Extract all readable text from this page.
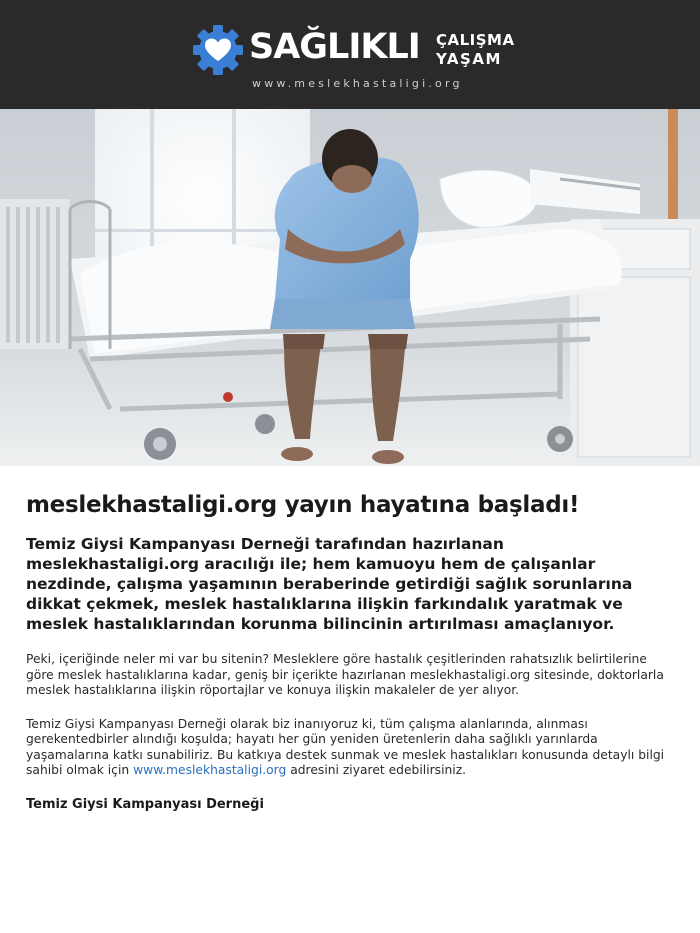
SAĞLIKLI ÇALIŞMA
YAŞAM
www.meslekhastaligi.org
meslekhastaligi.org yayın hayatına başladı!

Temiz Giysi Kampanyası Derneği tarafından hazırlanan meslekhastaligi.org aracılığı ile; hem kamuoyu hem de çalışanlar nezdinde, çalışma yaşamının beraberinde getirdiği sağlık sorunlarına dikkat çekmek, meslek hastalıklarına ilişkin farkındalık yaratmak ve meslek hastalıklarından korunma bilincinin artırılması amaçlanıyor.

Peki, içeriğinde neler mi var bu sitenin? Mesleklere göre hastalık çeşitlerinden rahatsızlık belirtilerine göre meslek hastalıklarına kadar, geniş bir içerikte hazırlanan meslekhastaligi.org sitesinde, doktorlarla meslek hastalıklarına ilişkin röportajlar ve konuya ilişkin makaleler de yer alıyor.

Temiz Giysi Kampanyası Derneği olarak biz inanıyoruz ki, tüm çalışma alanlarında, alınması gerekentedbirler alındığı koşulda; hayatı her gün yeniden üretenlerin daha sağlıklı yarınlarda yaşamalarına katkı sunabiliriz. Bu katkıya destek sunmak ve meslek hastalıkları konusunda detaylı bilgi sahibi olmak için www.meslekhastaligi.org adresini ziyaret edebilirsiniz.

Temiz Giysi Kampanyası Derneği
